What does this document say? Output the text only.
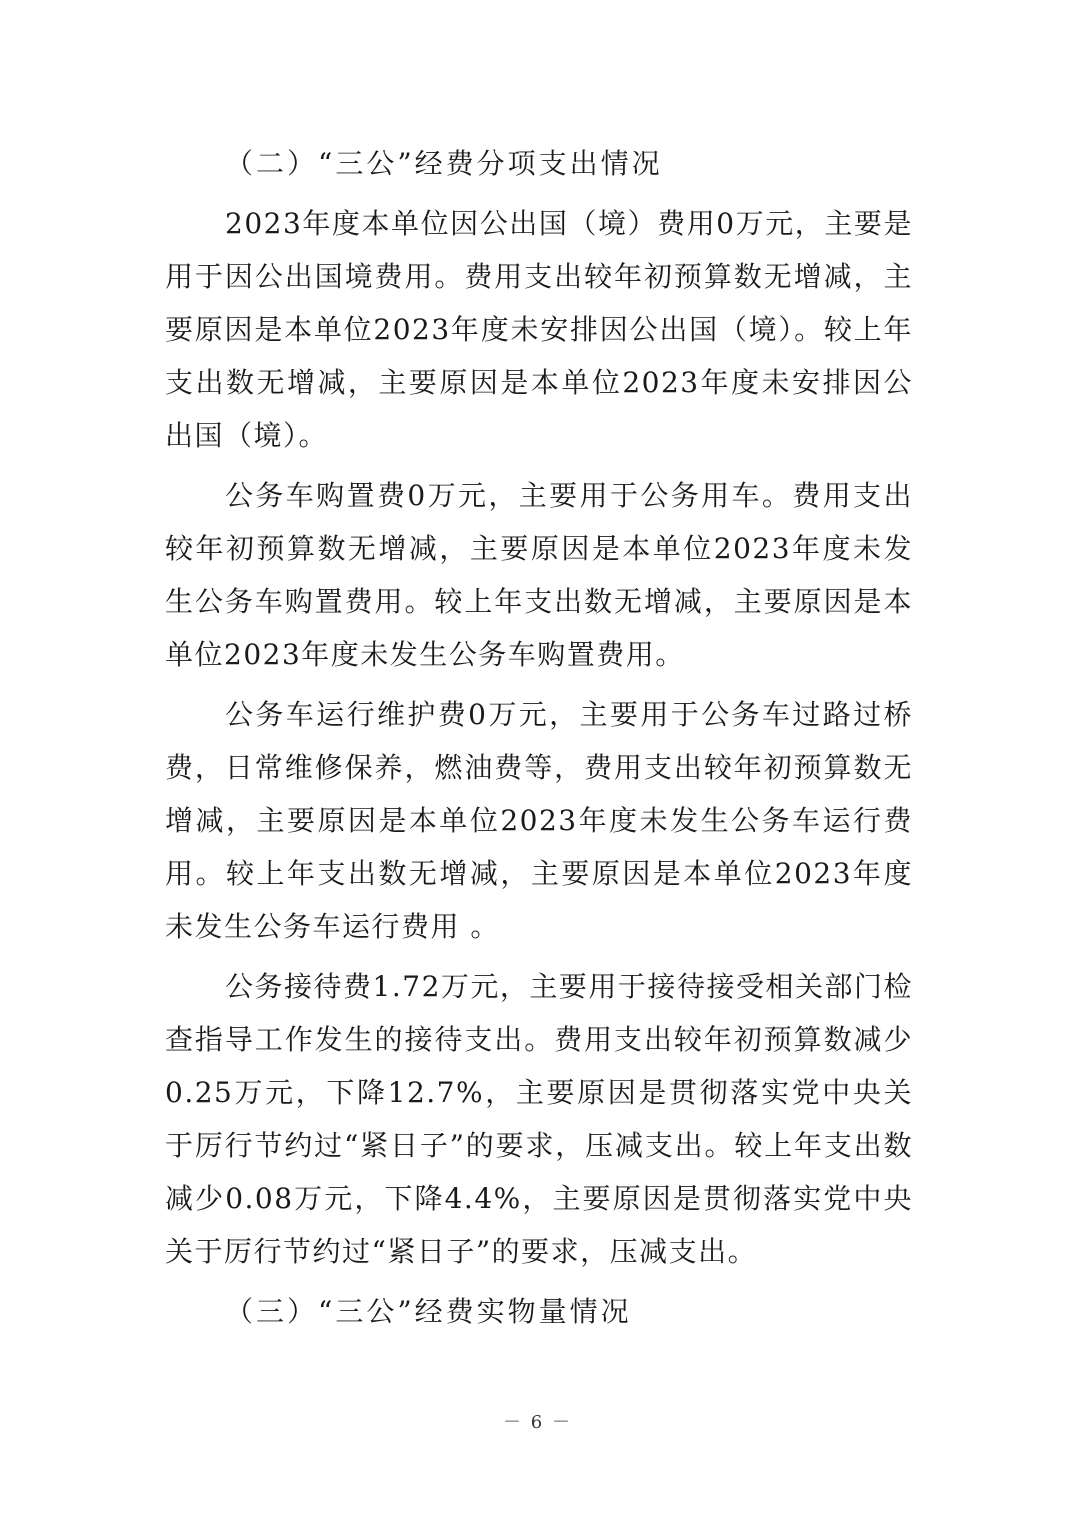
（二）“三公”经费分项支出情况

2023年度本单位因公出国（境）费用0万元，主要是用于因公出国境费用。费用支出较年初预算数无增减，主要原因是本单位2023年度未安排因公出国（境）。较上年支出数无增减，主要原因是本单位2023年度未安排因公出国（境）。

公务车购置费0万元，主要用于公务用车。费用支出较年初预算数无增减，主要原因是本单位2023年度未发生公务车购置费用。较上年支出数无增减，主要原因是本单位2023年度未发生公务车购置费用。

公务车运行维护费0万元，主要用于公务车过路过桥费，日常维修保养，燃油费等，费用支出较年初预算数无增减，主要原因是本单位2023年度未发生公务车运行费用。较上年支出数无增减，主要原因是本单位2023年度未发生公务车运行费用 。

公务接待费1.72万元，主要用于接待接受相关部门检查指导工作发生的接待支出。费用支出较年初预算数减少0.25万元，下降12.7%，主要原因是贯彻落实党中央关于厉行节约过“紧日子”的要求，压减支出。较上年支出数减少0.08万元，下降4.4%，主要原因是贯彻落实党中央关于厉行节约过“紧日子”的要求，压减支出。

（三）“三公”经费实物量情况

－ 6 －
